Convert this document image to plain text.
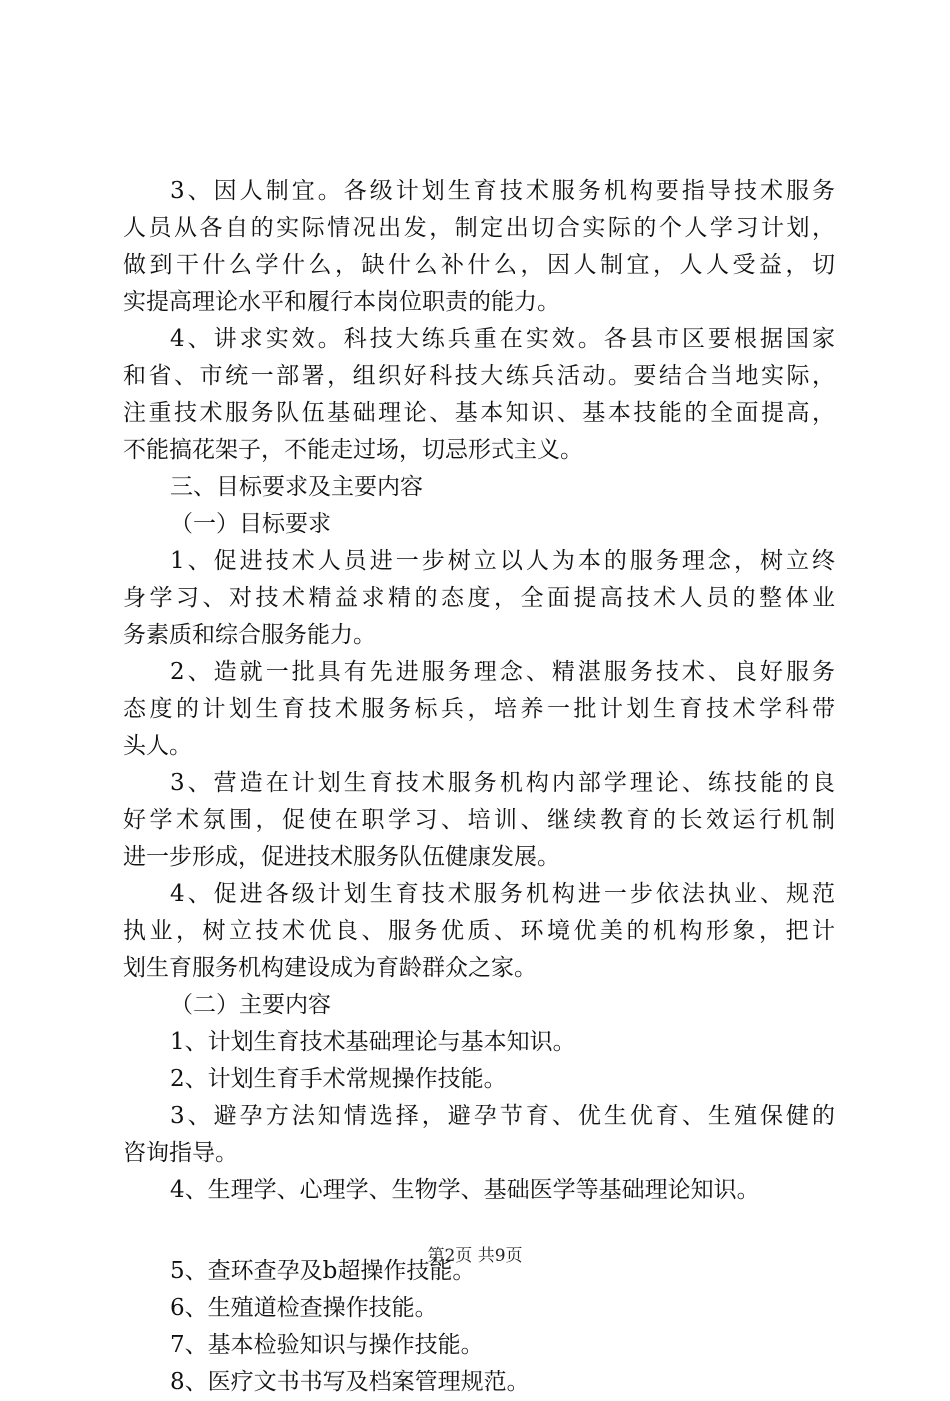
3、因人制宜。各级计划生育技术服务机构要指导技术服务
人员从各自的实际情况出发，制定出切合实际的个人学习计划，
做到干什么学什么，缺什么补什么，因人制宜，人人受益，切
实提高理论水平和履行本岗位职责的能力。
4、讲求实效。科技大练兵重在实效。各县市区要根据国家
和省、市统一部署，组织好科技大练兵活动。要结合当地实际，
注重技术服务队伍基础理论、基本知识、基本技能的全面提高，
不能搞花架子，不能走过场，切忌形式主义。
三、目标要求及主要内容
（一）目标要求
1、促进技术人员进一步树立以人为本的服务理念，树立终
身学习、对技术精益求精的态度，全面提高技术人员的整体业
务素质和综合服务能力。
2、造就一批具有先进服务理念、精湛服务技术、良好服务
态度的计划生育技术服务标兵，培养一批计划生育技术学科带
头人。
3、营造在计划生育技术服务机构内部学理论、练技能的良
好学术氛围，促使在职学习、培训、继续教育的长效运行机制
进一步形成，促进技术服务队伍健康发展。
4、促进各级计划生育技术服务机构进一步依法执业、规范
执业，树立技术优良、服务优质、环境优美的机构形象，把计
划生育服务机构建设成为育龄群众之家。
（二）主要内容
1、计划生育技术基础理论与基本知识。
2、计划生育手术常规操作技能。
3、避孕方法知情选择，避孕节育、优生优育、生殖保健的
咨询指导。
4、生理学、心理学、生物学、基础医学等基础理论知识。
5、查环查孕及b超操作技能。
6、生殖道检查操作技能。
7、基本检验知识与操作技能。
8、医疗文书书写及档案管理规范。
第2页 共9页
